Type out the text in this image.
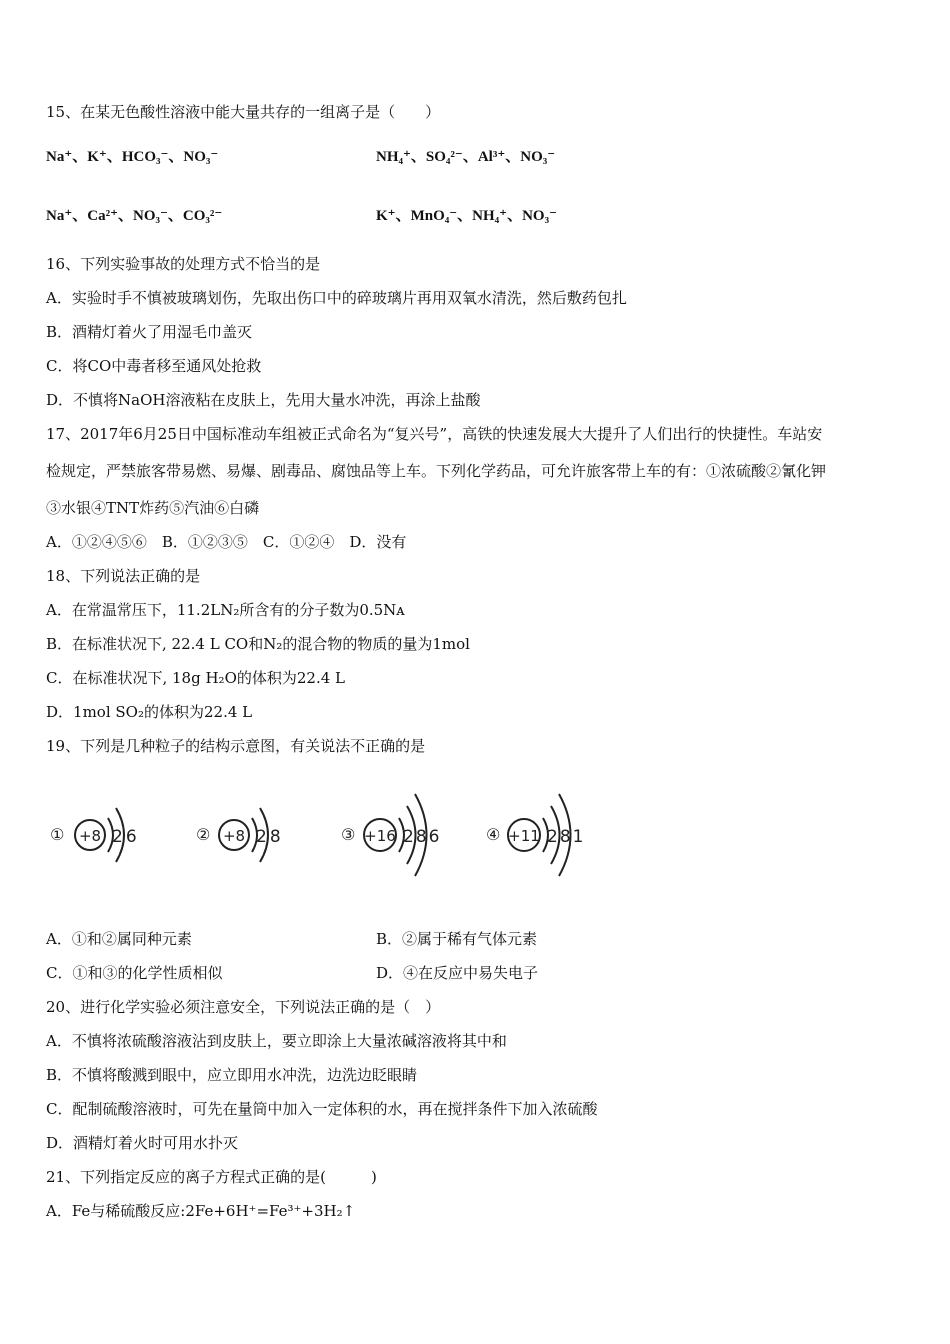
15、在某无色酸性溶液中能大量共存的一组离子是（　　）
Na⁺、K⁺、HCO₃⁻、NO₃⁻	NH₄⁺、SO₄²⁻、Al³⁺、NO₃⁻
Na⁺、Ca²⁺、NO₃⁻、CO₃²⁻	K⁺、MnO₄⁻、NH₄⁺、NO₃⁻
16、下列实验事故的处理方式不恰当的是
A．实验时手不慎被玻璃划伤，先取出伤口中的碎玻璃片再用双氧水清洗，然后敷药包扎
B．酒精灯着火了用湿毛巾盖灭
C．将CO中毒者移至通风处抢救
D．不慎将NaOH溶液粘在皮肤上，先用大量水冲洗，再涂上盐酸
17、2017年6月25日中国标准动车组被正式命名为“复兴号”，高铁的快速发展大大提升了人们出行的快捷性。车站安
检规定，严禁旅客带易燃、易爆、剧毒品、腐蚀品等上车。下列化学药品，可允许旅客带上车的有：①浓硫酸②氰化钾
③水银④TNT炸药⑤汽油⑥白磷
A．①②④⑤⑥　B．①②③⑤　C．①②④　D．没有
18、下列说法正确的是
A．在常温常压下，11.2LN₂所含有的分子数为0.5Nᴀ
B．在标准状况下, 22.4 L CO和N₂的混合物的物质的量为1mol
C．在标准状况下, 18g H₂O的体积为22.4 L
D．1mol SO₂的体积为22.4 L
19、下列是几种粒子的结构示意图，有关说法不正确的是
① +8 26	② +8 28	③ +16 286	④ +11 281
A．①和②属同种元素	B．②属于稀有气体元素
C．①和③的化学性质相似	D．④在反应中易失电子
20、进行化学实验必须注意安全，下列说法正确的是（　）
A．不慎将浓硫酸溶液沾到皮肤上，要立即涂上大量浓碱溶液将其中和
B．不慎将酸溅到眼中，应立即用水冲洗，边洗边眨眼睛
C．配制硫酸溶液时，可先在量筒中加入一定体积的水，再在搅拌条件下加入浓硫酸
D．酒精灯着火时可用水扑灭
21、下列指定反应的离子方程式正确的是(　　　)
A．Fe与稀硫酸反应:2Fe+6H⁺=Fe³⁺+3H₂↑
